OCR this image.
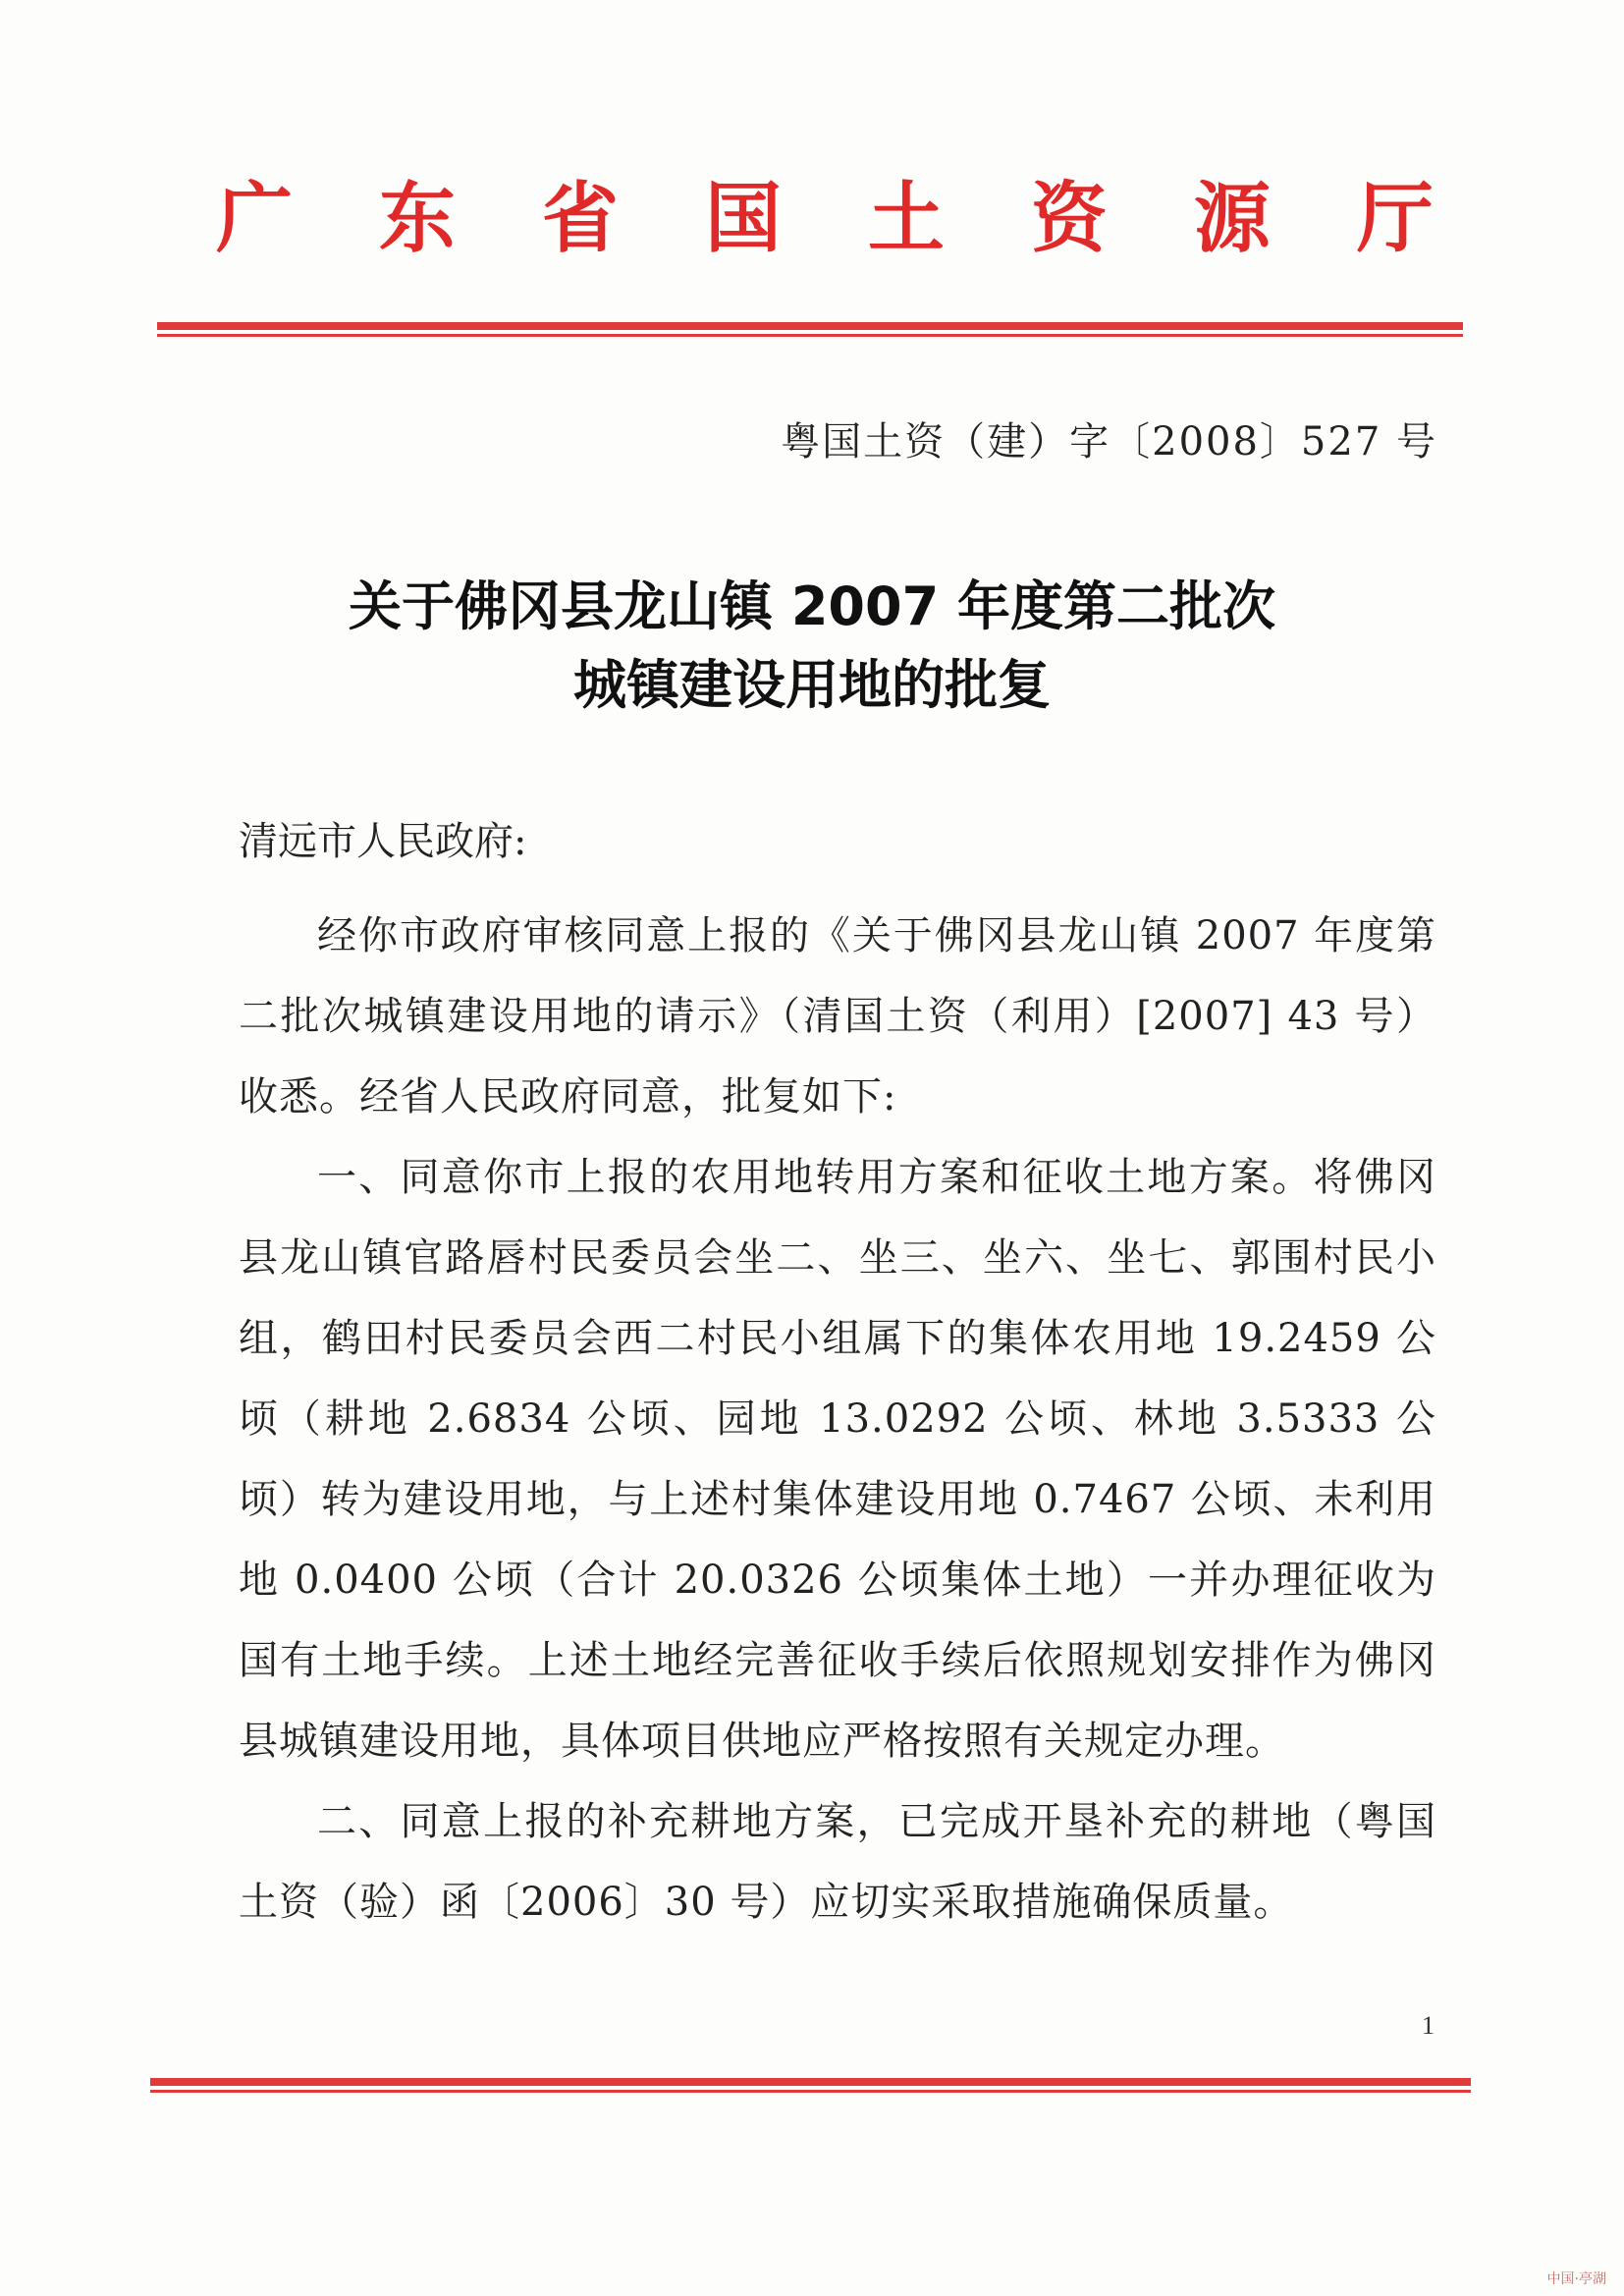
广 东 省 国 土 资 源 厅
粤国土资（建）字〔2008〕527 号
关于佛冈县龙山镇 2007 年度第二批次
城镇建设用地的批复
清远市人民政府:

经你市政府审核同意上报的《关于佛冈县龙山镇 2007 年度第二批次城镇建设用地的请示》（清国土资（利用）[2007] 43 号）收悉。经省人民政府同意，批复如下:

一、同意你市上报的农用地转用方案和征收土地方案。将佛冈县龙山镇官路唇村民委员会坐二、坐三、坐六、坐七、郭围村民小组，鹤田村民委员会西二村民小组属下的集体农用地 19.2459 公顷（耕地 2.6834 公顷、园地 13.0292 公顷、林地 3.5333 公顷）转为建设用地，与上述村集体建设用地 0.7467 公顷、未利用地 0.0400 公顷（合计 20.0326 公顷集体土地）一并办理征收为国有土地手续。上述土地经完善征收手续后依照规划安排作为佛冈县城镇建设用地，具体项目供地应严格按照有关规定办理。

二、同意上报的补充耕地方案，已完成开垦补充的耕地（粤国土资（验）函〔2006〕30 号）应切实采取措施确保质量。

1
中国·亭湖
